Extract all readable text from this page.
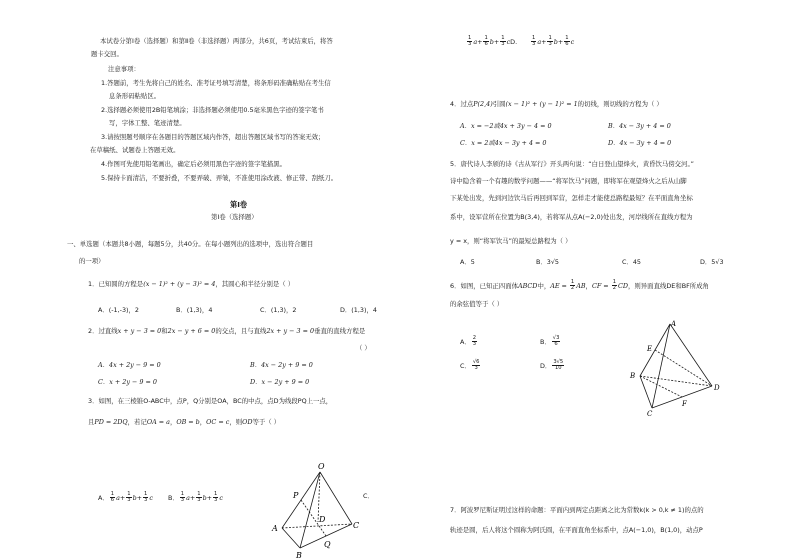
本试卷分第Ⅰ卷（选择题）和第Ⅱ卷（非选择题）两部分，共6页，考试结束后，将答
题卡交回。
注意事项：
1.答题前，考生先将自己的姓名、准考证号填写清楚，将条形码准确粘贴在考生信
息条形码粘贴区。
2.选择题必须使用2B铅笔填涂；非选择题必须使用0.5毫米黑色字迹的签字笔书
写，字体工整、笔迹清楚。
3.请按照题号顺序在各题目的答题区域内作答，超出答题区域书写的答案无效；
在草稿纸、试题卷上答题无效。
4.作图可先使用铅笔画出，确定后必须用黑色字迹的签字笔描黑。
5.保持卡面清洁，不要折叠，不要弄破、弄皱，不准使用涂改液、修正带、刮纸刀。
第Ⅰ卷
第Ⅰ卷（选择题）
一、单选题（本题共8小题，每题5分，共40分。在每小题列出的选项中，选出符合题目
的一项）
1．已知圆的方程是(x − 1)² + (y − 3)² = 4，其圆心和半径分别是（ ）
A．(-1,-3)，2	B．(1,3)，4	C．(1,3)，2	D．(1,3)，4
2．过直线x + y − 3 = 0和2x − y + 6 = 0的交点，且与直线2x + y − 3 = 0垂直的直线方程是
（ ）
A．4x + 2y − 9 = 0	B．4x − 2y + 9 = 0
C．x + 2y − 9 = 0	D．x − 2y + 9 = 0
3．如图，在三棱锥O-ABC中，点P，Q分别是OA，BC的中点，点D为线段PQ上一点，
且PD = 2DQ，若记OA = a，OB = b，OC = c，则OD等于（ ）
A． $\frac{1}{6} a+ \frac{1}{3} b+ \frac{1}{3}$ c B． $\frac{1}{3} a+ \frac{1}{3} b+ \frac{1}{3}$ c	C．
O
P
D
A
B
C
Q
$\frac{1}{3} a+ \frac{1}{6} b+ \frac{1}{3}$ cD.	$\frac{1}{3} a+ \frac{1}{3} b+ \frac{1}{6}$ c
4．过点P(2,4)引圆(x − 1)² + (y − 1)² = 1的切线，则切线的方程为（ ）
A．x = −2或4x + 3y − 4 = 0	B．4x − 3y + 4 = 0
C．x = 2或4x − 3y + 4 = 0	D．4x − 3y + 4 = 0
5．唐代诗人李颀的诗《古从军行》开头两句说：“白日登山望烽火，黄昏饮马傍交河。”
诗中隐含着一个有趣的数学问题——“将军饮马”问题，即将军在观望烽火之后从山脚
下某处出发，先到河边饮马后再回到军营，怎样走才能使总路程最短？在平面直角坐标
系中，设军营所在位置为B(3,4)，若将军从点A(−2,0)处出发，河岸线所在直线方程为
y = x，则“将军饮马”的最短总路程为（ ）
A．5	B．3√5	C．45	D．5√3
6．如图，已知正四面体ABCD中，AE = $\frac{1}{2}$ AB，CF = $\frac{1}{2}$ CD，则异面直线DE和BF所成角
的余弦值等于（ ）
A． $\frac{2}{3}$	B． $\frac{√3}{6}$
C． $\frac{√6}{3}$	D． $\frac{3√5}{10}$
A
E
B
C
F
D
7．阿波罗尼斯证明过这样的命题：平面内到两定点距离之比为常数k(k > 0,k ≠ 1)的点的
轨迹是圆，后人将这个圆称为阿氏圆，在平面直角坐标系中，点A(−1,0)，B(1,0)，动点P
